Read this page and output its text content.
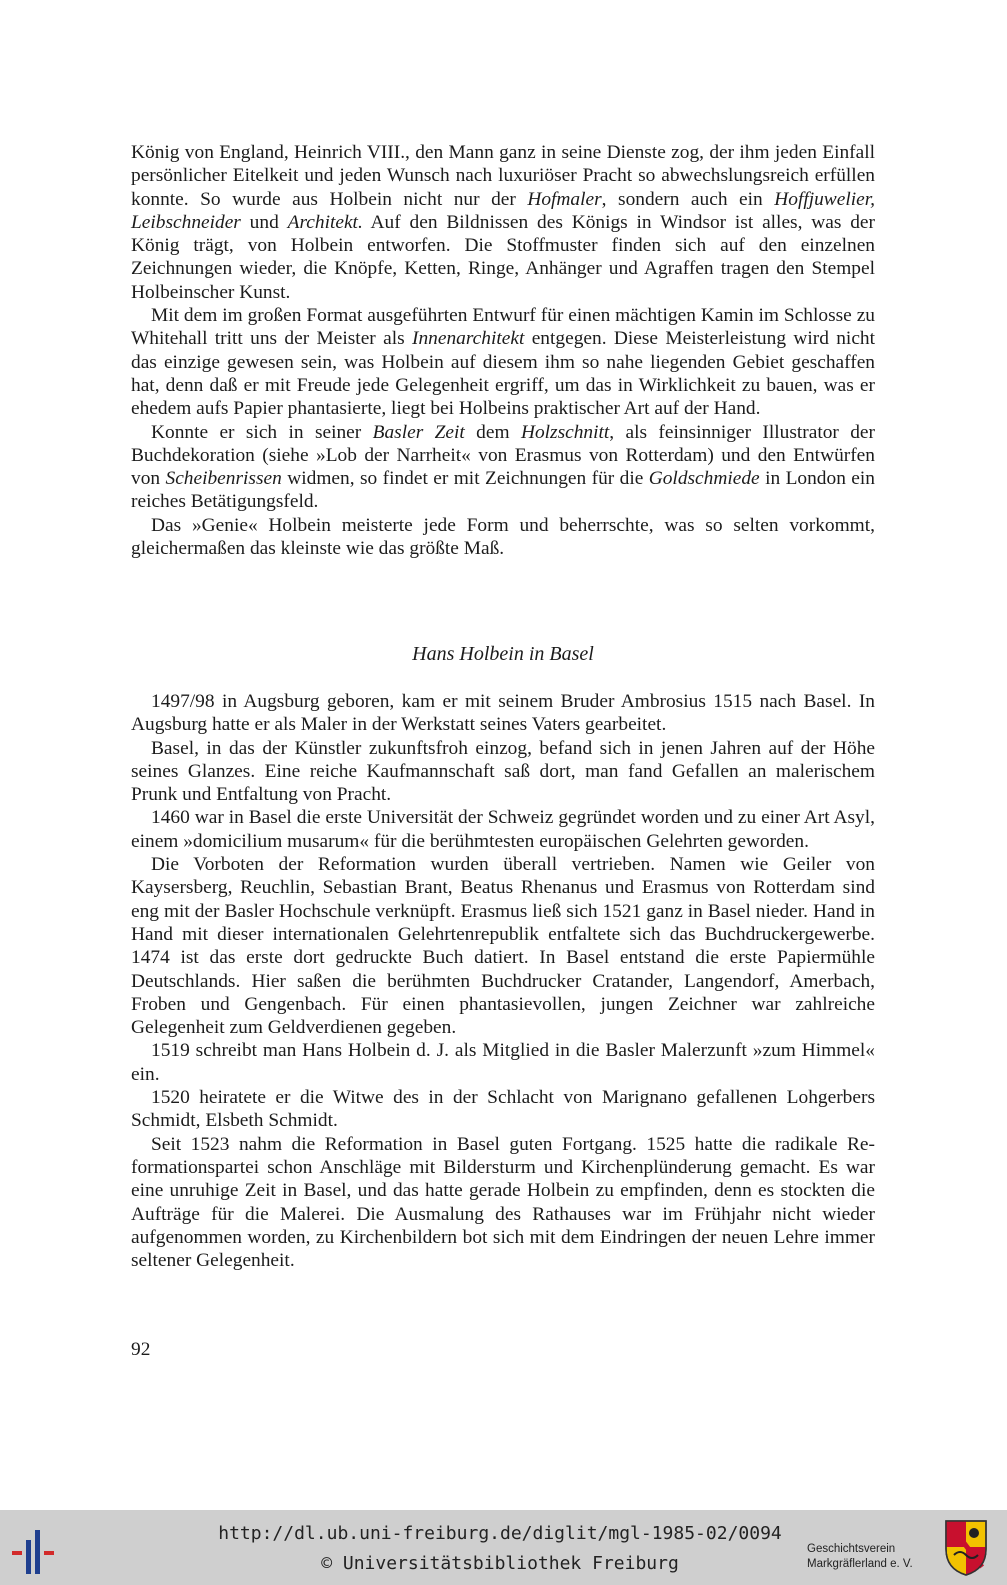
König von England, Heinrich VIII., den Mann ganz in seine Dienste zog, der ihm jeden Einfall persönlicher Eitelkeit und jeden Wunsch nach luxuriöser Pracht so abwechslungsreich erfüllen konnte. So wurde aus Holbein nicht nur der Hofmaler, sondern auch ein Hoffjuwelier, Leibschneider und Architekt. Auf den Bildnissen des Königs in Windsor ist alles, was der König trägt, von Holbein entworfen. Die Stoffmuster finden sich auf den einzelnen Zeichnungen wieder, die Knöpfe, Ketten, Ringe, Anhänger und Agraffen tragen den Stempel Holbeinscher Kunst.

Mit dem im großen Format ausgeführten Entwurf für einen mächtigen Kamin im Schlosse zu Whitehall tritt uns der Meister als Innenarchitekt entgegen. Diese Meisterleistung wird nicht das einzige gewesen sein, was Holbein auf diesem ihm so nahe liegenden Gebiet geschaffen hat, denn daß er mit Freude jede Gelegenheit ergriff, um das in Wirklichkeit zu bauen, was er ehedem aufs Papier phantasierte, liegt bei Holbeins praktischer Art auf der Hand.

Konnte er sich in seiner Basler Zeit dem Holzschnitt, als feinsinniger Illustrator der Buchdekoration (siehe »Lob der Narrheit« von Erasmus von Rotterdam) und den Entwürfen von Scheibenrissen widmen, so findet er mit Zeichnungen für die Goldschmiede in London ein reiches Betätigungsfeld.

Das »Genie« Holbein meisterte jede Form und beherrschte, was so selten vorkommt, gleichermaßen das kleinste wie das größte Maß.

Hans Holbein in Basel

1497/98 in Augsburg geboren, kam er mit seinem Bruder Ambrosius 1515 nach Basel. In Augsburg hatte er als Maler in der Werkstatt seines Vaters gearbeitet.

Basel, in das der Künstler zukunftsfroh einzog, befand sich in jenen Jahren auf der Höhe seines Glanzes. Eine reiche Kaufmannschaft saß dort, man fand Gefallen an malerischem Prunk und Entfaltung von Pracht.

1460 war in Basel die erste Universität der Schweiz gegründet worden und zu einer Art Asyl, einem »domicilium musarum« für die berühmtesten europäischen Gelehrten geworden.

Die Vorboten der Reformation wurden überall vertrieben. Namen wie Geiler von Kaysersberg, Reuchlin, Sebastian Brant, Beatus Rhenanus und Erasmus von Rotterdam sind eng mit der Basler Hochschule verknüpft. Erasmus ließ sich 1521 ganz in Basel nieder. Hand in Hand mit dieser internationalen Gelehrtenrepublik entfaltete sich das Buchdruckergewerbe. 1474 ist das erste dort gedruckte Buch datiert. In Basel entstand die erste Papiermühle Deutschlands. Hier saßen die berühmten Buchdrucker Cratander, Langendorf, Amerbach, Froben und Gengenbach. Für einen phantasievollen, jungen Zeichner war zahlreiche Gelegenheit zum Geldverdienen gegeben.

1519 schreibt man Hans Holbein d. J. als Mitglied in die Basler Malerzunft »zum Himmel« ein.

1520 heiratete er die Witwe des in der Schlacht von Marignano gefallenen Lohgerbers Schmidt, Elsbeth Schmidt.

Seit 1523 nahm die Reformation in Basel guten Fortgang. 1525 hatte die radikale Reformationspartei schon Anschläge mit Bildersturm und Kirchenplünderung gemacht. Es war eine unruhige Zeit in Basel, und das hatte gerade Holbein zu empfinden, denn es stockten die Aufträge für die Malerei. Die Ausmalung des Rathauses war im Frühjahr nicht wieder aufgenommen worden, zu Kirchenbildern bot sich mit dem Eindringen der neuen Lehre immer seltener Gelegenheit.

92
http://dl.ub.uni-freiburg.de/diglit/mgl-1985-02/0094
© Universitätsbibliothek Freiburg
Geschichtsverein
Markgräflerland e. V.
